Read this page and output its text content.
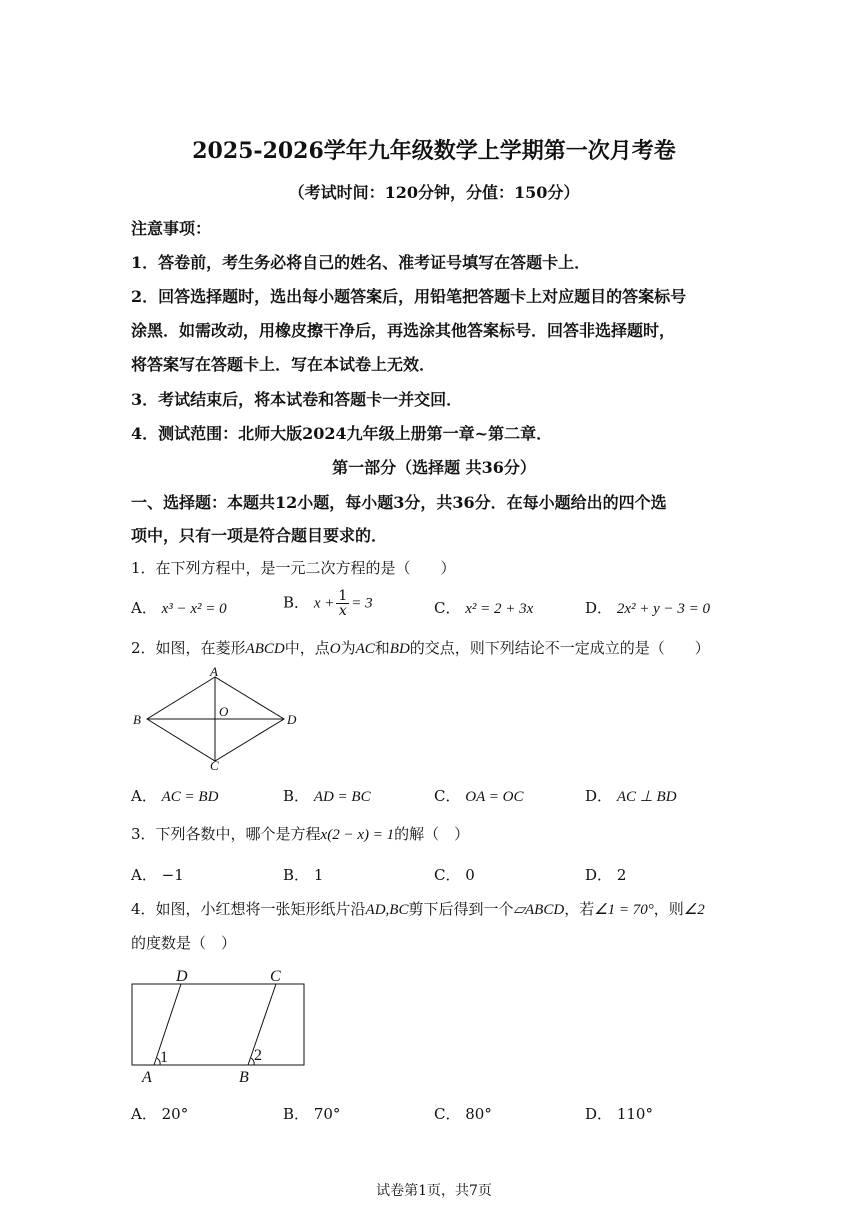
2025-2026学年九年级数学上学期第一次月考卷
（考试时间：120分钟，分值：150分）
注意事项：
1．答卷前，考生务必将自己的姓名、准考证号填写在答题卡上．
2．回答选择题时，选出每小题答案后，用铅笔把答题卡上对应题目的答案标号
涂黑．如需改动，用橡皮擦干净后，再选涂其他答案标号．回答非选择题时，
将答案写在答题卡上．写在本试卷上无效．
3．考试结束后，将本试卷和答题卡一并交回．
4．测试范围：北师大版2024九年级上册第一章~第二章．
第一部分（选择题 共36分）
一、选择题：本题共12小题，每小题3分，共36分．在每小题给出的四个选
项中，只有一项是符合题目要求的．
1．在下列方程中，是一元二次方程的是（　　）
A． x³ − x² = 0	B． $x + \frac{1}{x} = 3$	C． x² = 2 + 3x	D． 2x² + y − 3 = 0
2．如图，在菱形ABCD中，点O为AC和BD的交点，则下列结论不一定成立的是（　　）
A
B
C
D
O
A． AC = BD	B． AD = BC	C． OA = OC	D． AC ⊥ BD
3．下列各数中，哪个是方程x(2 − x) = 1的解（　）
A． −1	B． 1	C． 0	D． 2
4．如图，小红想将一张矩形纸片沿AD,BC剪下后得到一个▱ABCD，若∠1 = 70°，则∠2
的度数是（　）
D	C
A	B
1	2
A． 20°	B． 70°	C． 80°	D． 110°
试卷第1页，共7页
